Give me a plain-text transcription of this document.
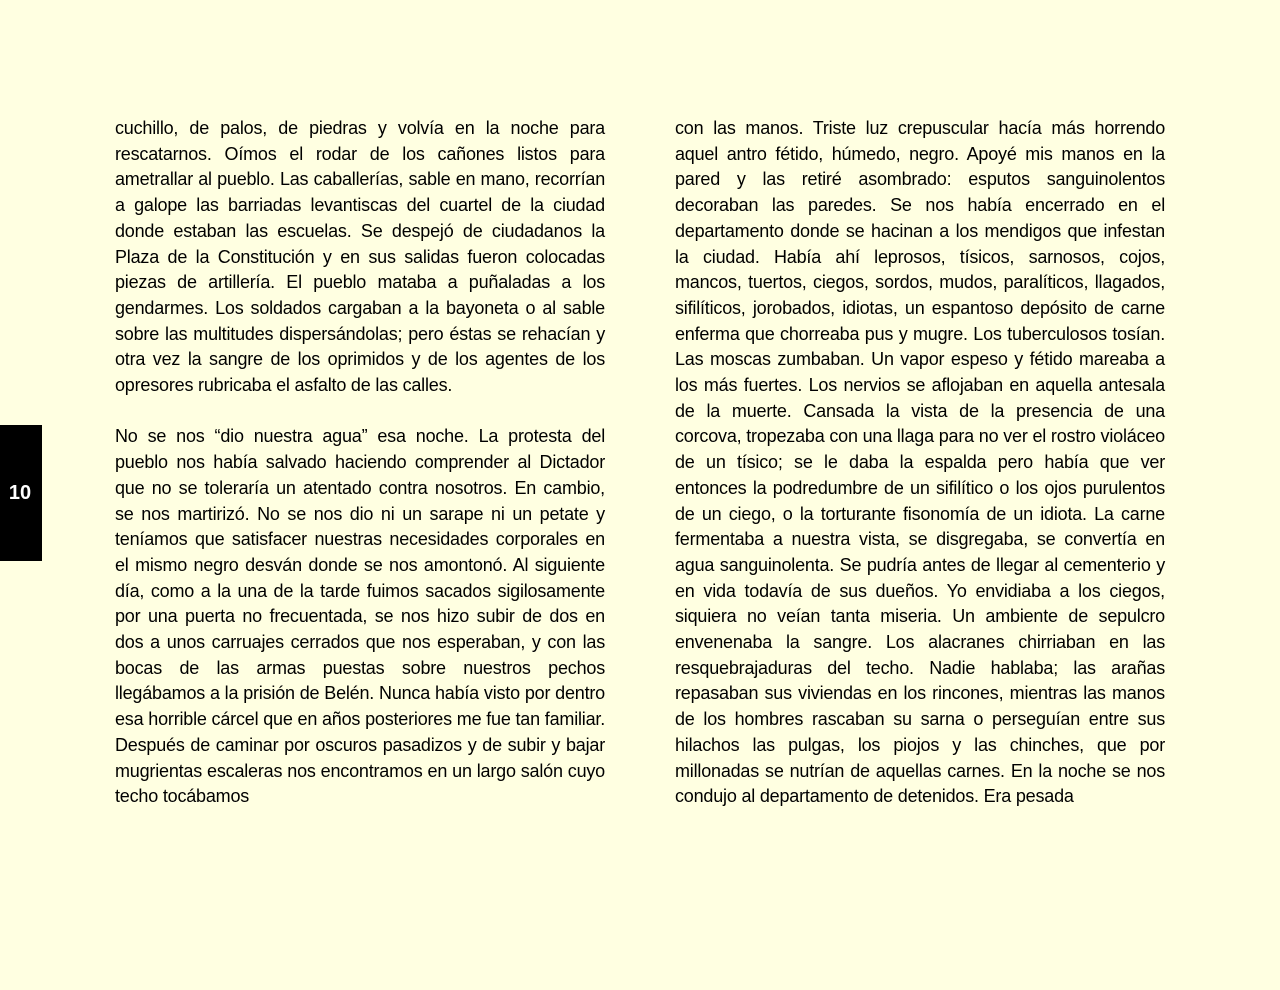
10

cuchillo, de palos, de piedras y volvía en la noche para rescatarnos. Oímos el rodar de los cañones listos para ametrallar al pueblo. Las caballerías, sable en mano, recorrían a galope las barriadas levantiscas del cuartel de la ciudad donde estaban las escuelas. Se despejó de ciudadanos la Plaza de la Constitución y en sus salidas fueron colocadas piezas de artillería. El pueblo mataba a puñaladas a los gendarmes. Los soldados cargaban a la bayoneta o al sable sobre las multitudes dispersándolas; pero éstas se rehacían y otra vez la sangre de los oprimidos y de los agentes de los opresores rubricaba el asfalto de las calles.

No se nos “dio nuestra agua” esa noche. La protesta del pueblo nos había salvado haciendo comprender al Dictador que no se toleraría un atentado contra nosotros. En cambio, se nos martirizó. No se nos dio ni un sarape ni un petate y teníamos que satisfacer nuestras necesidades corporales en el mismo negro desván donde se nos amontonó. Al siguiente día, como a la una de la tarde fuimos sacados sigilosamente por una puerta no frecuentada, se nos hizo subir de dos en dos a unos carruajes cerrados que nos esperaban, y con las bocas de las armas puestas sobre nuestros pechos llegábamos a la prisión de Belén. Nunca había visto por dentro esa horrible cárcel que en años posteriores me fue tan familiar. Después de caminar por oscuros pasadizos y de subir y bajar mugrientas escaleras nos encontramos en un largo salón cuyo techo tocábamos

con las manos. Triste luz crepuscular hacía más horrendo aquel antro fétido, húmedo, negro. Apoyé mis manos en la pared y las retiré asombrado: esputos sanguinolentos decoraban las paredes. Se nos había encerrado en el departamento donde se hacinan a los mendigos que infestan la ciudad. Había ahí leprosos, tísicos, sarnosos, cojos, mancos, tuertos, ciegos, sordos, mudos, paralíticos, llagados, sifilíticos, jorobados, idiotas, un espantoso depósito de carne enferma que chorreaba pus y mugre. Los tuberculosos tosían. Las moscas zumbaban. Un vapor espeso y fétido mareaba a los más fuertes. Los nervios se aflojaban en aquella antesala de la muerte. Cansada la vista de la presencia de una corcova, tropezaba con una llaga para no ver el rostro violáceo de un tísico; se le daba la espalda pero había que ver entonces la podredumbre de un sifilítico o los ojos purulentos de un ciego, o la torturante fisonomía de un idiota. La carne fermentaba a nuestra vista, se disgregaba, se convertía en agua sanguinolenta. Se pudría antes de llegar al cementerio y en vida todavía de sus dueños. Yo envidiaba a los ciegos, siquiera no veían tanta miseria. Un ambiente de sepulcro envenenaba la sangre. Los alacranes chirriaban en las resquebrajaduras del techo. Nadie hablaba; las arañas repasaban sus viviendas en los rincones, mientras las manos de los hombres rascaban su sarna o perseguían entre sus hilachos las pulgas, los piojos y las chinches, que por millonadas se nutrían de aquellas carnes. En la noche se nos condujo al departamento de detenidos. Era pesada
